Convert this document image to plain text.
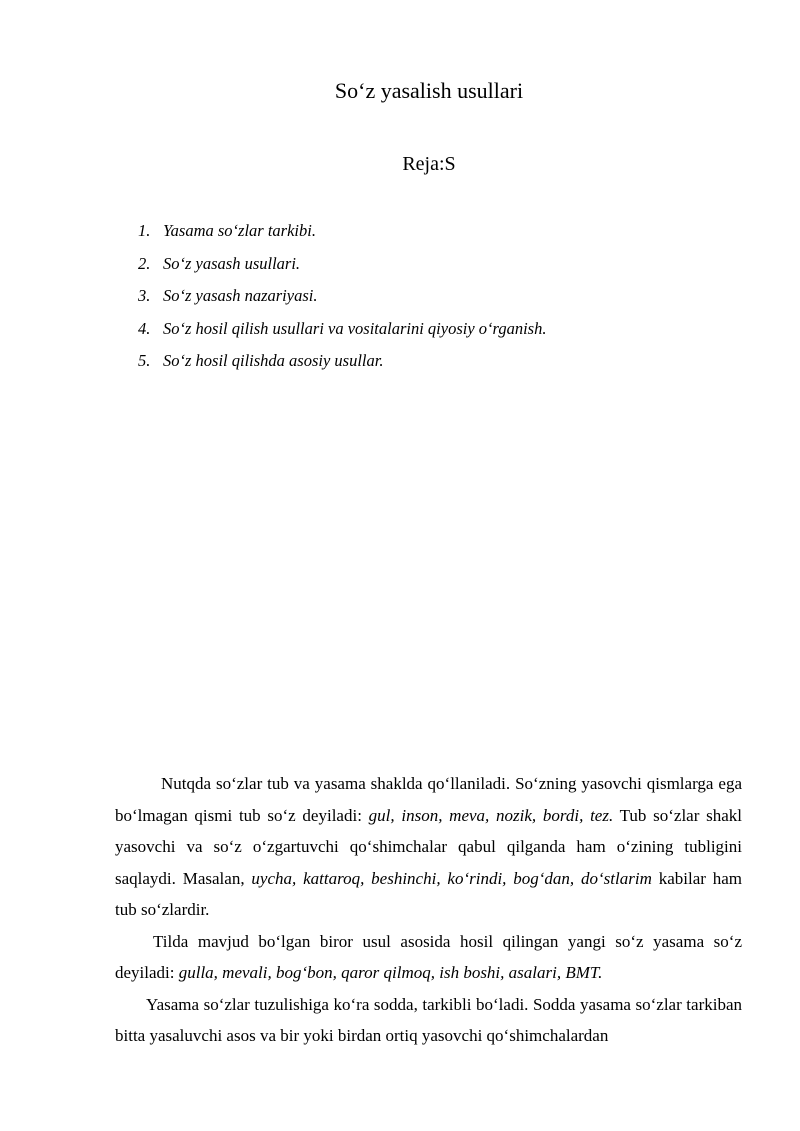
So‘z yasalish usullari
Reja:S
1. Yasama so‘zlar tarkibi.
2. So‘z yasash usullari.
3. So‘z yasash nazariyasi.
4. So‘z hosil qilish usullari va vositalarini qiyosiy o‘rganish.
5. So‘z hosil qilishda asosiy usullar.

Nutqda so‘zlar tub va yasama shaklda qo‘llaniladi. So‘zning yasovchi qismlarga ega bo‘lmagan qismi tub so‘z deyiladi: gul, inson, meva, nozik, bordi, tez. Tub so‘zlar shakl yasovchi va so‘z o‘zgartuvchi qo‘shimchalar qabul qilganda ham o‘zining tubligini saqlaydi. Masalan, uycha, kattaroq, beshinchi, ko‘rindi, bog‘dan, do‘stlarim kabilar ham tub so‘zlardir.

Tilda mavjud bo‘lgan biror usul asosida hosil qilingan yangi so‘z yasama so‘z deyiladi: gulla, mevali, bog‘bon, qaror qilmoq, ish boshi, asalari, BMT.

Yasama so‘zlar tuzulishiga ko‘ra sodda, tarkibli bo‘ladi. Sodda yasama so‘zlar tarkiban bitta yasaluvchi asos va bir yoki birdan ortiq yasovchi qo‘shimchalardan
